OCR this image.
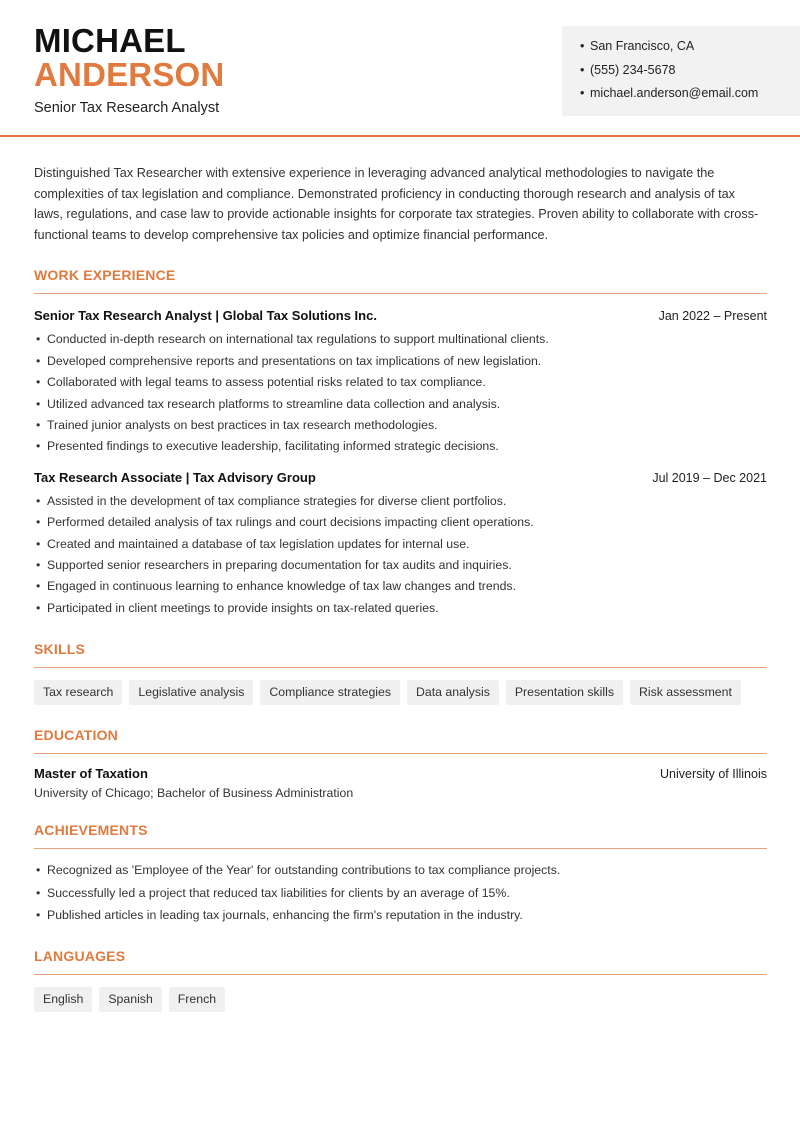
MICHAEL
ANDERSON
Senior Tax Research Analyst
• San Francisco, CA
• (555) 234-5678
• michael.anderson@email.com

Distinguished Tax Researcher with extensive experience in leveraging advanced analytical methodologies to navigate the complexities of tax legislation and compliance. Demonstrated proficiency in conducting thorough research and analysis of tax laws, regulations, and case law to provide actionable insights for corporate tax strategies. Proven ability to collaborate with cross-functional teams to develop comprehensive tax policies and optimize financial performance.

WORK EXPERIENCE
Senior Tax Research Analyst | Global Tax Solutions Inc.	Jan 2022 – Present
• Conducted in-depth research on international tax regulations to support multinational clients.
• Developed comprehensive reports and presentations on tax implications of new legislation.
• Collaborated with legal teams to assess potential risks related to tax compliance.
• Utilized advanced tax research platforms to streamline data collection and analysis.
• Trained junior analysts on best practices in tax research methodologies.
• Presented findings to executive leadership, facilitating informed strategic decisions.
Tax Research Associate | Tax Advisory Group	Jul 2019 – Dec 2021
• Assisted in the development of tax compliance strategies for diverse client portfolios.
• Performed detailed analysis of tax rulings and court decisions impacting client operations.
• Created and maintained a database of tax legislation updates for internal use.
• Supported senior researchers in preparing documentation for tax audits and inquiries.
• Engaged in continuous learning to enhance knowledge of tax law changes and trends.
• Participated in client meetings to provide insights on tax-related queries.
SKILLS
Tax research	Legislative analysis	Compliance strategies	Data analysis	Presentation skills	Risk assessment
EDUCATION
Master of Taxation	University of Illinois
University of Chicago; Bachelor of Business Administration
ACHIEVEMENTS
• Recognized as 'Employee of the Year' for outstanding contributions to tax compliance projects.
• Successfully led a project that reduced tax liabilities for clients by an average of 15%.
• Published articles in leading tax journals, enhancing the firm's reputation in the industry.
LANGUAGES
English	Spanish	French
